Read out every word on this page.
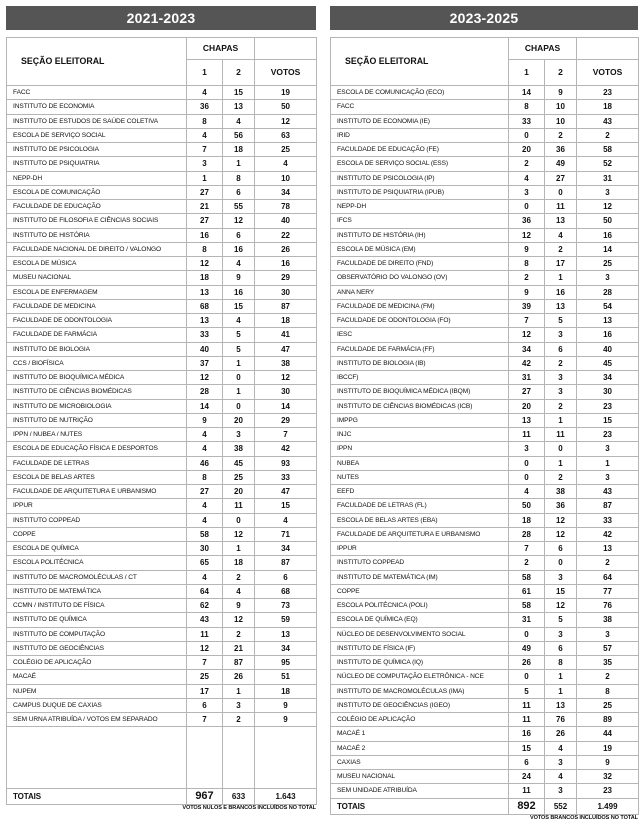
2021-2023
SEÇÃO ELEITORAL	CHAPAS		
	1	2	VOTOS
FACC	4	15	19
INSTITUTO DE ECONOMIA	36	13	50
INSTITUTO DE ESTUDOS DE SAÚDE COLETIVA	8	4	12
ESCOLA DE SERVIÇO SOCIAL	4	56	63
INSTITUTO DE PSICOLOGIA	7	18	25
INSTITUTO DE PSIQUIATRIA	3	1	4
NEPP-DH	1	8	10
ESCOLA DE COMUNICAÇÃO	27	6	34
FACULDADE DE EDUCAÇÃO	21	55	78
INSTITUTO DE FILOSOFIA E CIÊNCIAS SOCIAIS	27	12	40
INSTITUTO DE HISTÓRIA	16	6	22
FACULDADE NACIONAL DE DIREITO / VALONGO	8	16	26
ESCOLA DE MÚSICA	12	4	16
MUSEU NACIONAL	18	9	29
ESCOLA DE ENFERMAGEM	13	16	30
FACULDADE DE MEDICINA	68	15	87
FACULDADE DE ODONTOLOGIA	13	4	18
FACULDADE DE FARMÁCIA	33	5	41
INSTITUTO DE BIOLOGIA	40	5	47
CCS / BIOFÍSICA	37	1	38
INSTITUTO DE BIOQUÍMICA MÉDICA	12	0	12
INSTITUTO DE CIÊNCIAS BIOMÉDICAS	28	1	30
INSTITUTO DE MICROBIOLOGIA	14	0	14
INSTITUTO DE NUTRIÇÃO	9	20	29
IPPN / NUBEA / NUTES	4	3	7
ESCOLA DE EDUCAÇÃO FÍSICA E DESPORTOS	4	38	42
FACULDADE DE LETRAS	46	45	93
ESCOLA DE BELAS ARTES	8	25	33
FACULDADE DE ARQUITETURA E URBANISMO	27	20	47
IPPUR	4	11	15
INSTITUTO COPPEAD	4	0	4
COPPE	58	12	71
ESCOLA DE QUÍMICA	30	1	34
ESCOLA POLITÉCNICA	65	18	87
INSTITUTO DE MACROMOLÉCULAS / CT	4	2	6
INSTITUTO DE MATEMÁTICA	64	4	68
CCMN / INSTITUTO DE FÍSICA	62	9	73
INSTITUTO DE QUÍMICA	43	12	59
INSTITUTO DE COMPUTAÇÃO	11	2	13
INSTITUTO DE GEOCIÊNCIAS	12	21	34
COLÉGIO DE APLICAÇÃO	7	87	95
MACAÉ	25	26	51
NUPEM	17	1	18
CAMPUS DUQUE DE CAXIAS	6	3	9
SEM URNA ATRIBUÍDA / VOTOS EM SEPARADO	7	2	9

TOTAIS	967	633	1.643
VOTOS NULOS E BRANCOS INCLUÍDOS NO TOTAL
2023-2025
SEÇÃO ELEITORAL	CHAPAS		
	1	2	VOTOS
ESCOLA DE COMUNICAÇÃO (ECO)	14	9	23
FACC	8	10	18
INSTITUTO DE ECONOMIA (IE)	33	10	43
IRID	0	2	2
FACULDADE DE EDUCAÇÃO (FE)	20	36	58
ESCOLA DE SERVIÇO SOCIAL (ESS)	2	49	52
INSTITUTO DE PSICOLOGIA (IP)	4	27	31
INSTITUTO DE PSIQUIATRIA (IPUB)	3	0	3
NEPP-DH	0	11	12
IFCS	36	13	50
INSTITUTO DE HISTÓRIA (IH)	12	4	16
ESCOLA DE MÚSICA (EM)	9	2	14
FACULDADE DE DIREITO (FND)	8	17	25
OBSERVATÓRIO DO VALONGO (OV)	2	1	3
ANNA NERY	9	16	28
FACULDADE DE MEDICINA (FM)	39	13	54
FACULDADE DE ODONTOLOGIA (FO)	7	5	13
IESC	12	3	16
FACULDADE DE FARMÁCIA (FF)	34	6	40
INSTITUTO DE BIOLOGIA (IB)	42	2	45
IBCCF)	31	3	34
INSTITUTO DE BIOQUÍMICA MÉDICA (IBQM)	27	3	30
INSTITUTO DE CIÊNCIAS BIOMÉDICAS (ICB)	20	2	23
IMPPG	13	1	15
INJC	11	11	23
IPPN	3	0	3
NUBEA	0	1	1
NUTES	0	2	3
EEFD	4	38	43
FACULDADE DE LETRAS (FL)	50	36	87
ESCOLA DE BELAS ARTES (EBA)	18	12	33
FACULDADE DE ARQUITETURA E URBANISMO	28	12	42
IPPUR	7	6	13
INSTITUTO COPPEAD	2	0	2
INSTITUTO DE MATEMÁTICA (IM)	58	3	64
COPPE	61	15	77
ESCOLA POLITÉCNICA (POLI)	58	12	76
ESCOLA DE QUÍMICA (EQ)	31	5	38
NÚCLEO DE DESENVOLVIMENTO SOCIAL	0	3	3
INSTITUTO DE FÍSICA (IF)	49	6	57
INSTITUTO DE QUÍMICA (IQ)	26	8	35
NÚCLEO DE COMPUTAÇÃO ELETRÔNICA - NCE	0	1	2
INSTITUTO DE MACROMOLÉCULAS (IMA)	5	1	8
INSTITUTO DE GEOCIÊNCIAS (IGEO)	11	13	25
COLÉGIO DE APLICAÇÃO	11	76	89
MACAÉ 1	16	26	44
MACAÉ 2	15	4	19
CAXIAS	6	3	9
MUSEU NACIONAL	24	4	32
SEM UNIDADE ATRIBUÍDA	11	3	23
TOTAIS	892	552	1.499
VOTOS BRANCOS INCLUÍDOS NO TOTAL
